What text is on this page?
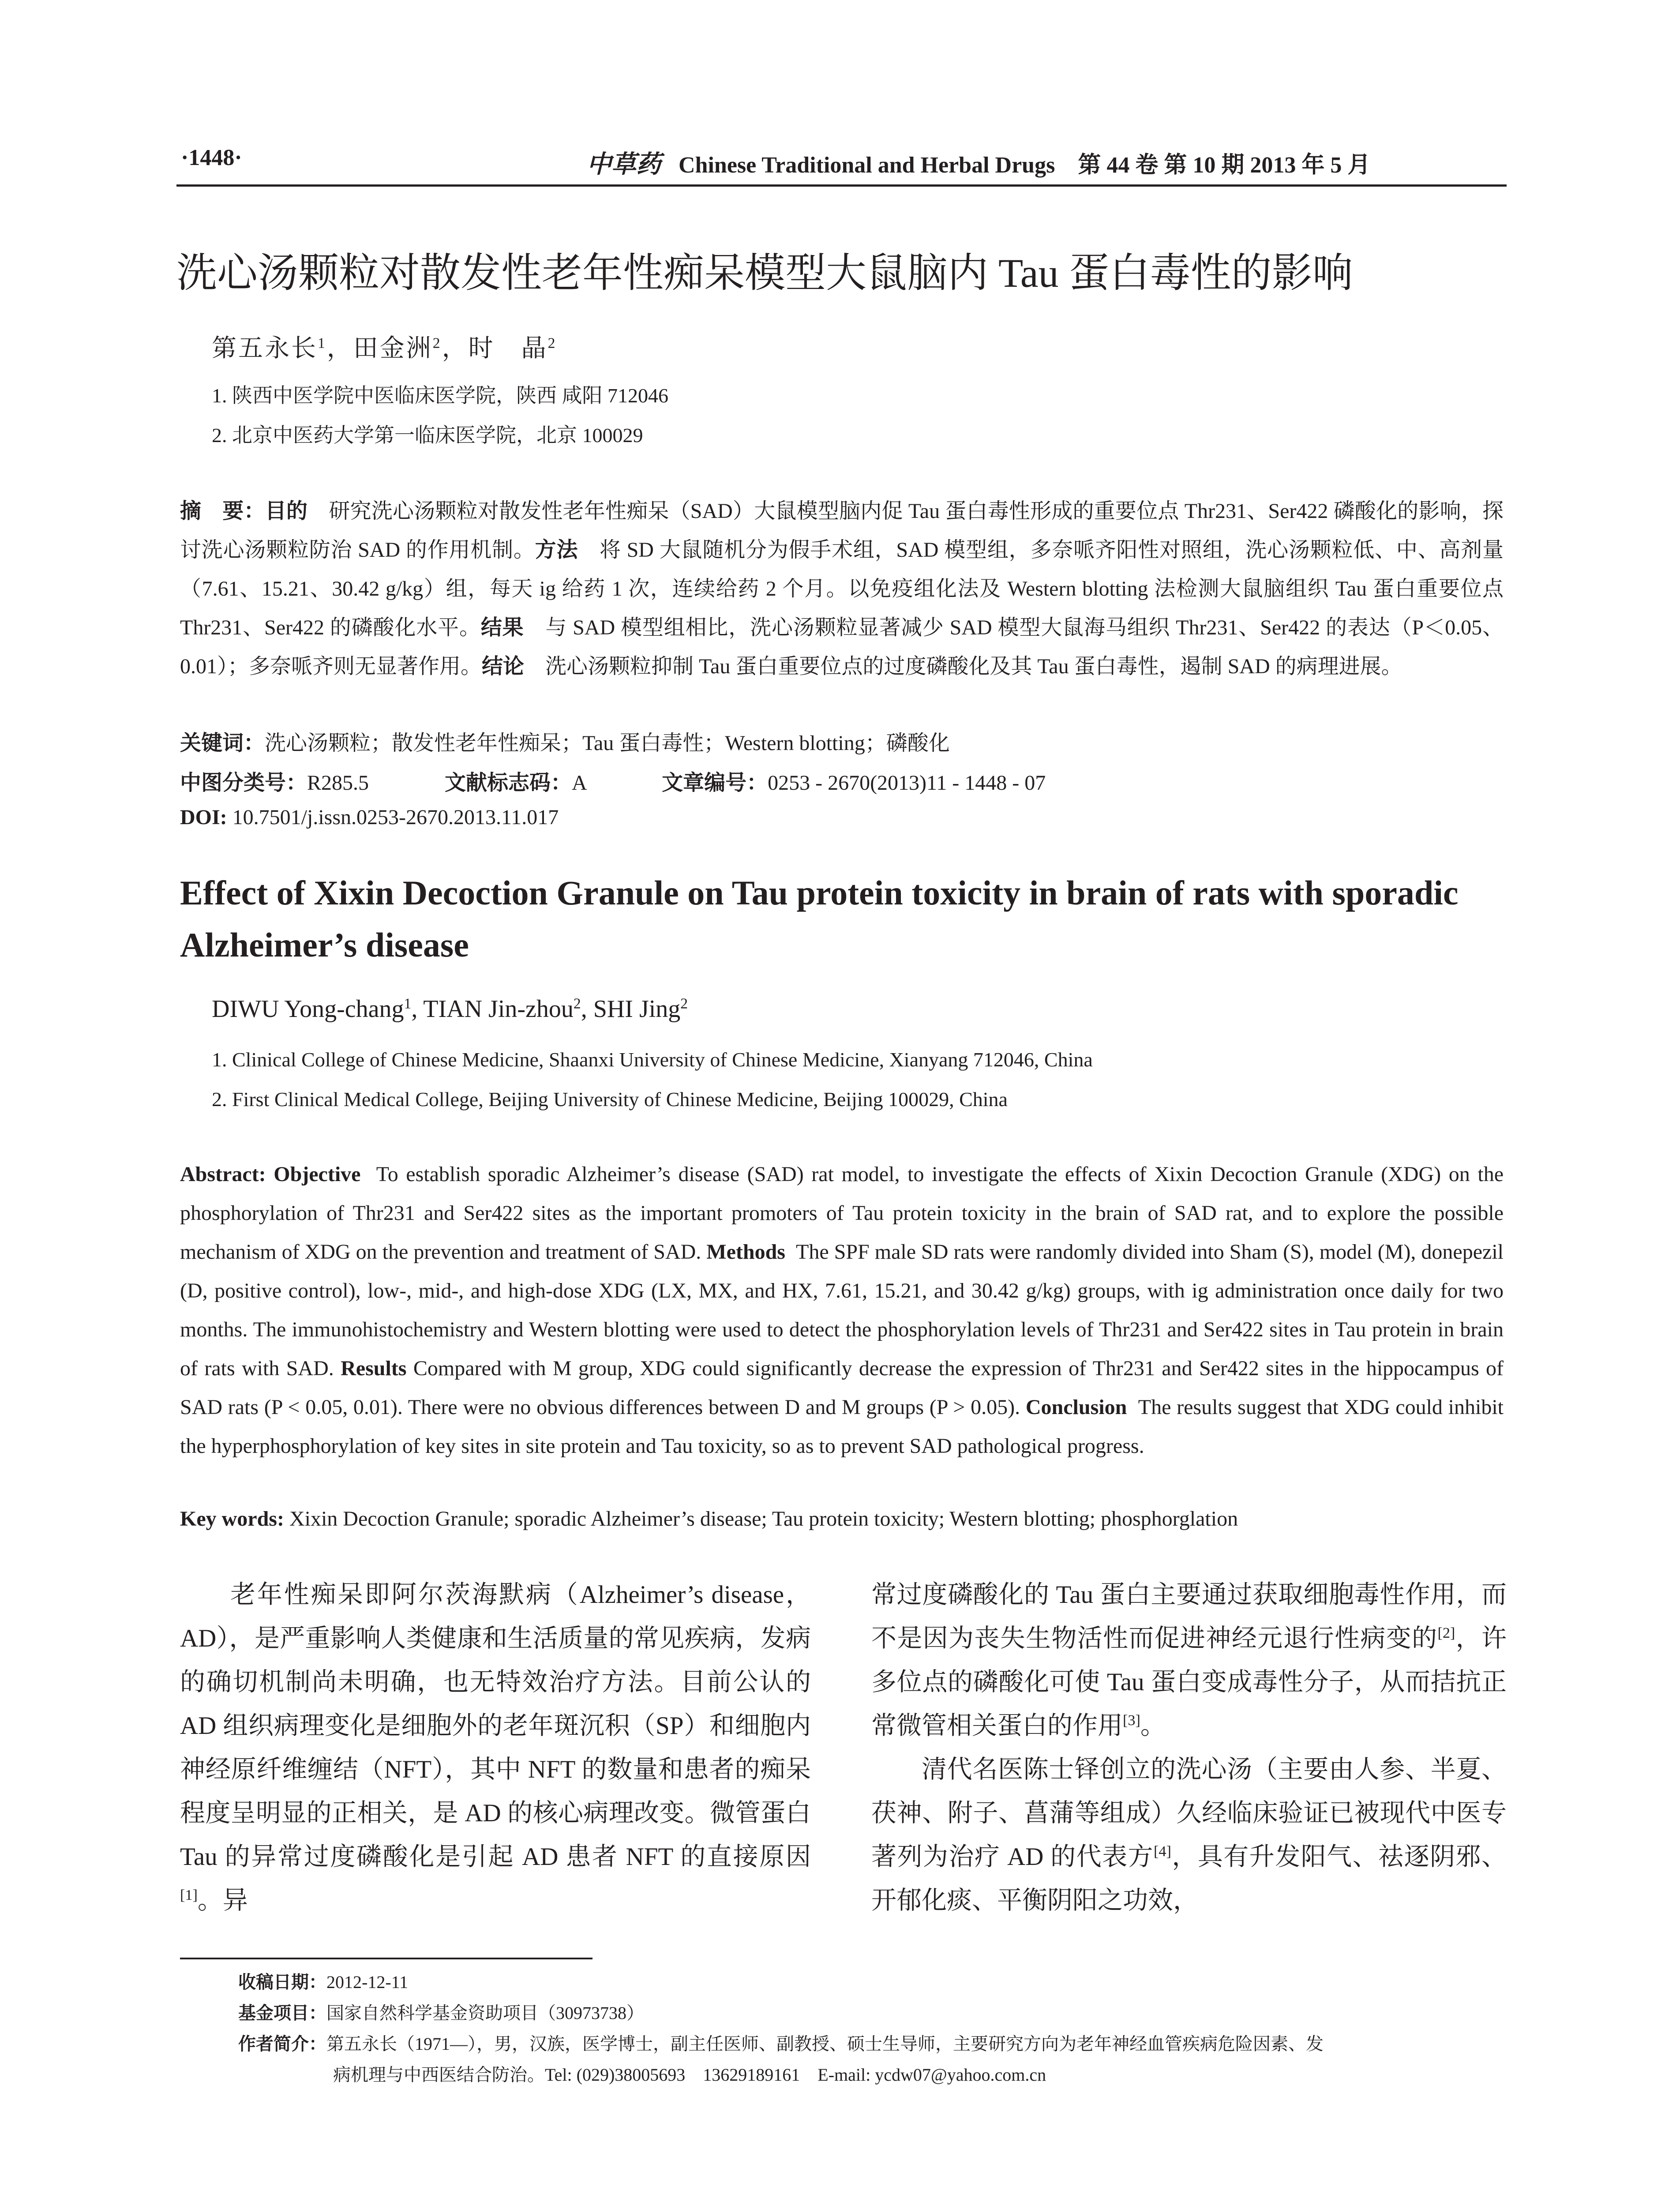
·1448·	中草药 Chinese Traditional and Herbal Drugs 第 44 卷 第 10 期 2013 年 5 月
洗心汤颗粒对散发性老年性痴呆模型大鼠脑内 Tau 蛋白毒性的影响
第五永长$^1$，田金洲$^2$，时　晶$^2$
1. 陕西中医学院中医临床医学院，陕西 咸阳 712046
2. 北京中医药大学第一临床医学院，北京 100029
摘　要：目的　 研究洗心汤颗粒对散发性老年性痴呆（SAD）大鼠模型脑内促 Tau 蛋白毒性形成的重要位点 Thr231、Ser422 磷酸化的影响，探讨洗心汤颗粒防治 SAD 的作用机制。方法　 将 SD 大鼠随机分为假手术组，SAD 模型组，多奈哌齐阳性对照组，洗心汤颗粒低、中、高剂量（7.61、15.21、30.42 g/kg）组，每天 ig 给药 1 次，连续给药 2 个月。以免疫组化法及 Western blotting 法检测大鼠脑组织 Tau 蛋白重要位点 Thr231、Ser422 的磷酸化水平。结果　 与 SAD 模型组相比，洗心汤颗粒显著减少 SAD 模型大鼠海马组织 Thr231、Ser422 的表达（P＜0.05、0.01）；多奈哌齐则无显著作用。结论　 洗心汤颗粒抑制 Tau 蛋白重要位点的过度磷酸化及其 Tau 蛋白毒性，遏制 SAD 的病理进展。
关键词：洗心汤颗粒；散发性老年性痴呆；Tau 蛋白毒性；Western blotting；磷酸化
中图分类号：R285.5	文献标志码：A	文章编号：0253 - 2670(2013)11 - 1448 - 07
DOI: 10.7501/j.issn.0253-2670.2013.11.017
Effect of Xixin Decoction Granule on Tau protein toxicity in brain of rats with sporadic Alzheimer’s disease
DIWU Yong-chang$^1$, TIAN Jin-zhou$^2$, SHI Jing$^2$
1. Clinical College of Chinese Medicine, Shaanxi University of Chinese Medicine, Xianyang 712046, China
2. First Clinical Medical College, Beijing University of Chinese Medicine, Beijing 100029, China
Abstract: Objective To establish sporadic Alzheimer’s disease (SAD) rat model, to investigate the effects of Xixin Decoction Granule (XDG) on the phosphorylation of Thr231 and Ser422 sites as the important promoters of Tau protein toxicity in the brain of SAD rat, and to explore the possible mechanism of XDG on the prevention and treatment of SAD. Methods The SPF male SD rats were randomly divided into Sham (S), model (M), donepezil (D, positive control), low-, mid-, and high-dose XDG (LX, MX, and HX, 7.61, 15.21, and 30.42 g/kg) groups, with ig administration once daily for two months. The immunohistochemistry and Western blotting were used to detect the phosphorylation levels of Thr231 and Ser422 sites in Tau protein in brain of rats with SAD. Results Compared with M group, XDG could significantly decrease the expression of Thr231 and Ser422 sites in the hippocampus of SAD rats (P < 0.05, 0.01). There were no obvious differences between D and M groups (P > 0.05). Conclusion The results suggest that XDG could inhibit the hyperphosphorylation of key sites in site protein and Tau toxicity, so as to prevent SAD pathological progress.
Key words: Xixin Decoction Granule; sporadic Alzheimer’s disease; Tau protein toxicity; Western blotting; phosphorglation

老年性痴呆即阿尔茨海默病（Alzheimer’s disease，AD），是严重影响人类健康和生活质量的常见疾病，发病的确切机制尚未明确，也无特效治疗方法。目前公认的 AD 组织病理变化是细胞外的老年斑沉积（SP）和细胞内神经原纤维缠结（NFT），其中 NFT 的数量和患者的痴呆程度呈明显的正相关，是 AD 的核心病理改变。微管蛋白 Tau 的异常过度磷酸化是引起 AD 患者 NFT 的直接原因[1]。异

常过度磷酸化的 Tau 蛋白主要通过获取细胞毒性作用，而不是因为丧失生物活性而促进神经元退行性病变的[2]，许多位点的磷酸化可使 Tau 蛋白变成毒性分子，从而拮抗正常微管相关蛋白的作用[3]。

清代名医陈士铎创立的洗心汤（主要由人参、半夏、茯神、附子、菖蒲等组成）久经临床验证已被现代中医专著列为治疗 AD 的代表方[4]，具有升发阳气、祛逐阴邪、开郁化痰、平衡阴阳之功效，

收稿日期：2012-12-11
基金项目：国家自然科学基金资助项目（30973738）
作者简介：第五永长（1971—），男，汉族，医学博士，副主任医师、副教授、硕士生导师，主要研究方向为老年神经血管疾病危险因素、发
病机理与中西医结合防治。Tel: (029)38005693　13629189161　E-mail: ycdw07@yahoo.com.cn
